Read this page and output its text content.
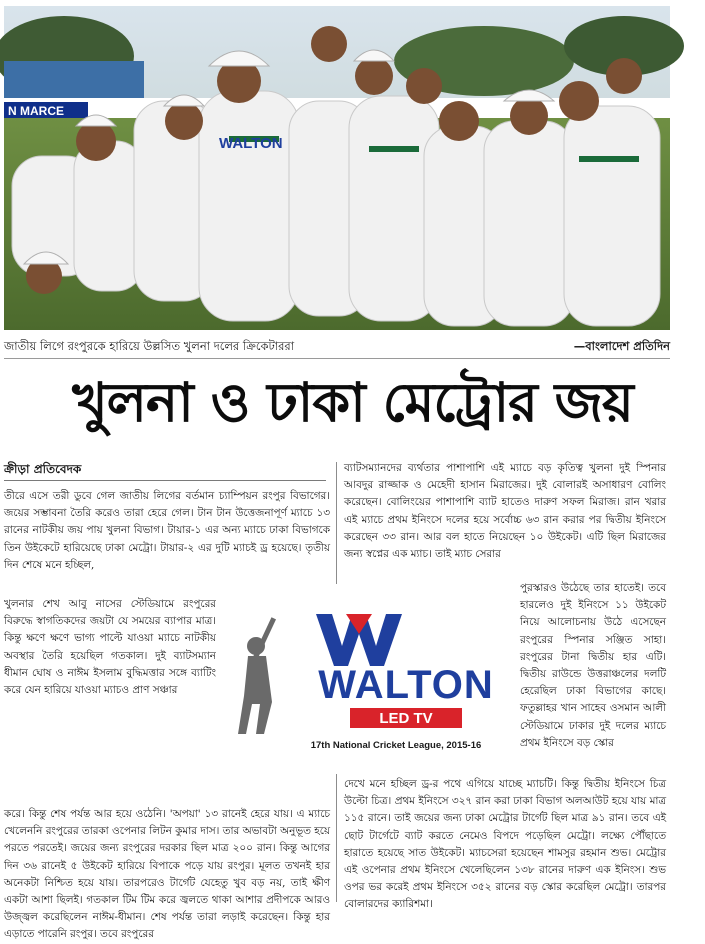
N MARCE
WALTON
জাতীয় লিগে রংপুরকে হারিয়ে উল্লসিত খুলনা দলের ক্রিকেটাররা	—বাংলাদেশ প্রতিদিন
খুলনা ও ঢাকা মেট্রোর জয়
ক্রীড়া প্রতিবেদক

তীরে এসে তরী ডুবে গেল জাতীয় লিগের বর্তমান চ্যাম্পিয়ন রংপুর বিভাগের। জয়ের সম্ভাবনা তৈরি করেও তারা হেরে গেল। টান টান উত্তেজনাপূর্ণ ম্যাচে ১৩ রানের নাটকীয় জয় পায় খুলনা বিভাগ। টায়ার-১ এর অন্য ম্যাচে ঢাকা বিভাগকে তিন উইকেটে হারিয়েছে ঢাকা মেট্রো। টায়ার-২ এর দুটি ম্যাচই ড্র হয়েছে। তৃতীয় দিন শেষে মনে হচ্ছিল,

খুলনার শেখ আবু নাসের স্টেডিয়ামে রংপুরের বিরুদ্ধে স্বাগতিকদের জয়টা যে সময়ের ব্যাপার মাত্র। কিন্তু ক্ষণে ক্ষণে ভাগ্য পাল্টে যাওয়া ম্যাচে নাটকীয় অবস্থার তৈরি হয়েছিল গতকাল। দুই ব্যাটসম্যান ধীমান ঘোষ ও নাঈম ইসলাম বুদ্ধিমত্তার সঙ্গে ব্যাটিং করে যেন হারিয়ে যাওয়া ম্যাচও প্রাণ সঞ্চার

ব্যাটসম্যানদের ব্যর্থতার পাশাপাশি এই ম্যাচে বড় কৃতিত্ব খুলনা দুই স্পিনার আবদুর রাজ্জাক ও মেহেদী হাসান মিরাজের। দুই বোলারই অসাধারণ বোলিং করেছেন। বোলিংয়ের পাশাপাশি ব্যাট হাতেও দারুণ সফল মিরাজ। রান খরার এই ম্যাচে প্রথম ইনিংসে দলের হয়ে সর্বোচ্চ ৬৩ রান করার পর দ্বিতীয় ইনিংসে করেছেন ৩৩ রান। আর বল হাতে নিয়েছেন ১০ উইকেট। এটি ছিল মিরাজের জন্য স্বপ্নের এক ম্যাচ। তাই ম্যাচ সেরার

পুরস্কারও উঠেছে তার হাতেই। তবে হারলেও দুই ইনিংসে ১১ উইকেট নিয়ে আলোচনায় উঠে এসেছেন রংপুরের স্পিনার সঞ্জিত সাহা। রংপুরের টানা দ্বিতীয় হার এটি। দ্বিতীয় রাউন্ডে উত্তরাঞ্চলের দলটি হেরেছিল ঢাকা বিভাগের কাছে। ফতুল্লাহর খান সাহেব ওসমান আলী স্টেডিয়ামে ঢাকার দুই দলের ম্যাচে প্রথম ইনিংসে বড় স্কোর

WALTON
LED TV
17th National Cricket League, 2015-16

করে। কিন্তু শেষ পর্যন্ত আর হয়ে ওঠেনি। 'অপয়া' ১৩ রানেই হেরে যায়। এ ম্যাচে খেলেননি রংপুরের তারকা ওপেনার লিটন কুমার দাস। তার অভাবটা অনুভূত হয়ে পরতে পরতেই। জয়ের জন্য রংপুরের দরকার ছিল মাত্র ২০০ রান। কিন্তু আগের দিন ৩৬ রানেই ৫ উইকেট হারিয়ে বিপাকে পড়ে যায় রংপুর। মূলত তখনই হার অনেকটা নিশ্চিত হয়ে যায়। তারপরেও টার্গেট যেহেতু খুব বড় নয়, তাই ক্ষীণ একটা আশা ছিলই। গতকাল টিম টিম করে জ্বলতে থাকা আশার প্রদীপকে আরও উজ্জ্বল করেছিলেন নাঈম-ধীমান। শেষ পর্যন্ত তারা লড়াই করেছেন। কিন্তু হার এড়াতে পারেনি রংপুর। তবে রংপুরের

দেখে মনে হচ্ছিল ড্র-র পথে এগিয়ে যাচ্ছে ম্যাচটি। কিন্তু দ্বিতীয় ইনিংসে চিত্র উল্টো চিত্র। প্রথম ইনিংসে ৩২৭ রান করা ঢাকা বিভাগ অলআউট হয়ে যায় মাত্র ১১৫ রানে। তাই জয়ের জন্য ঢাকা মেট্রোর টার্গেট ছিল মাত্র ৯১ রান। তবে এই ছোট টার্গেটে ব্যাট করতে নেমেও বিপদে পড়েছিল মেট্রো। লক্ষ্যে পৌঁছাতে হারাতে হয়েছে সাত উইকেট। ম্যাচসেরা হয়েছেন শামসুর রহমান শুভ। মেট্রোর এই ওপেনার প্রথম ইনিংসে খেলেছিলেন ১৩৮ রানের দারুণ এক ইনিংস। শুভ ওপর ভর করেই প্রথম ইনিংসে ৩৫২ রানের বড় স্কোর করেছিল মেট্রো। তারপর বোলারদের ক্যারিশমা।
